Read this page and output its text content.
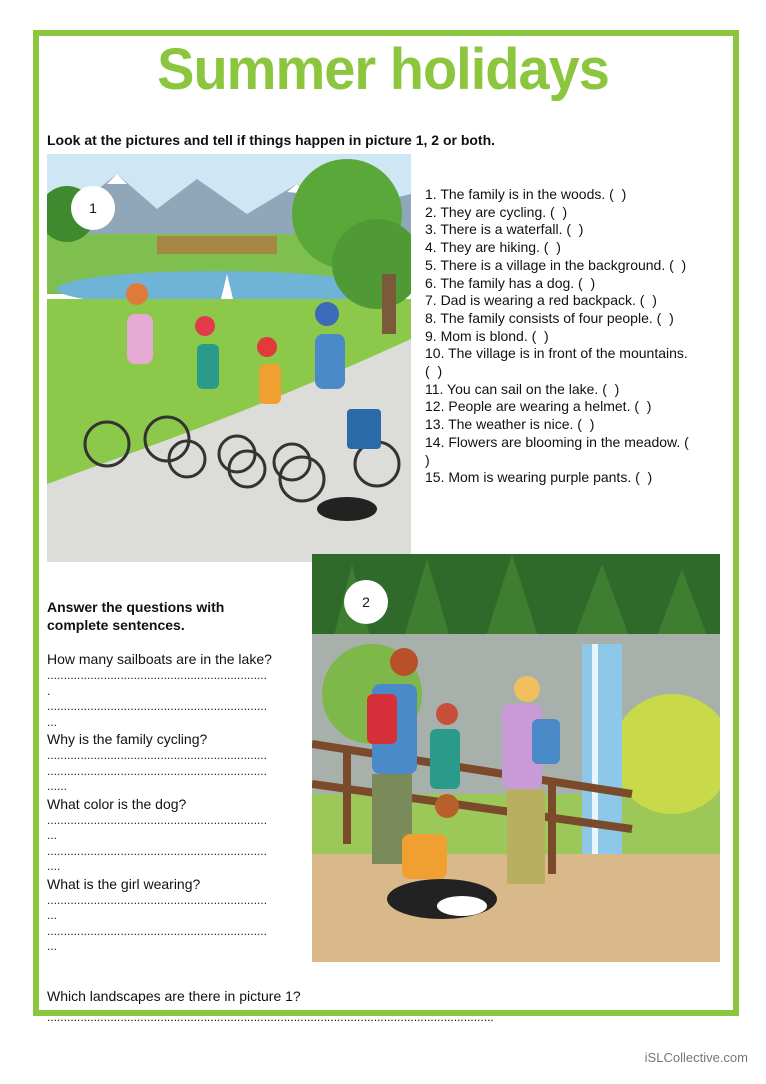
Summer holidays
Look at the pictures and tell if things happen in picture 1, 2 or both.
1
1. The family is in the woods. (  )
2. They are cycling. (  )
3. There is a waterfall. (  )
4. They are hiking. (  )
5. There is a village in the background. (  )
6. The family has a dog. (  )
7. Dad is wearing a red backpack. (  )
8. The family consists of four people. (  )
9. Mom is blond. (  )
10. The village is in front of the mountains.
(  )
11. You can sail on the lake. (  )
12. People are wearing a helmet. (  )
13. The weather is nice. (  )
14. Flowers are blooming in the meadow. (
)
15. Mom is wearing purple pants. (  )
2
Answer the questions with complete sentences.
How many sailboats are in the lake?
..................................................................
.
..................................................................
...
Why is the family cycling?
..................................................................
..................................................................
......
What color is the dog?
..................................................................
...
..................................................................
....
What is the girl wearing?
..................................................................
...
..................................................................
...
Which landscapes are there in picture 1?
......................................................................................................................................
iSLCollective.com
